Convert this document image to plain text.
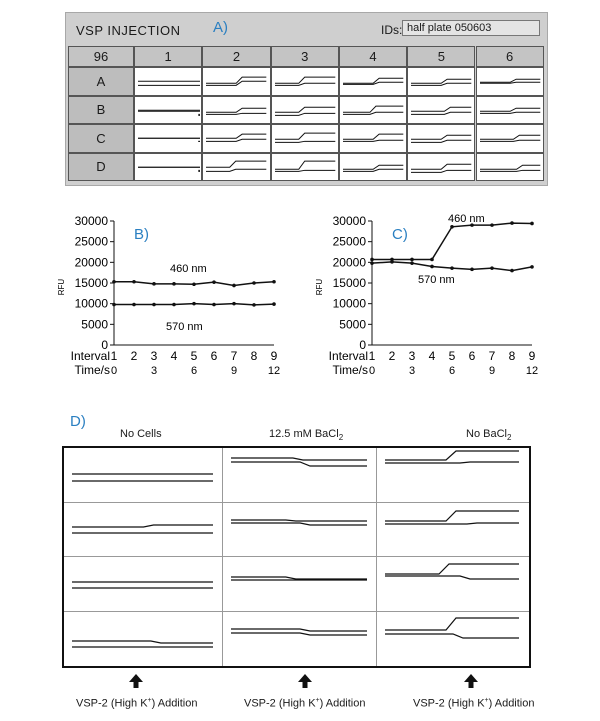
VSP INJECTION	IDs: half plate 050603
96	1	2	3	4	5	6
A
B
C
D
A)
0
5000
10000
15000
20000
25000
30000
RFU
Interval 1 2 3 4 5 6 7 8 9
Time/s 0	3	6	9	12
460 nm
570 nm
B)
0
5000
10000
15000
20000
25000
30000
RFU
Interval 1 2 3 4 5 6 7 8 9
Time/s 0	3	6	9	12
460 nm
570 nm
C)
D)
No Cells	12.5 mM BaCl$_2$	No BaCl$_2$
VSP-2 (High K+) Addition	VSP-2 (High K+) Addition	VSP-2 (High K+) Addition
